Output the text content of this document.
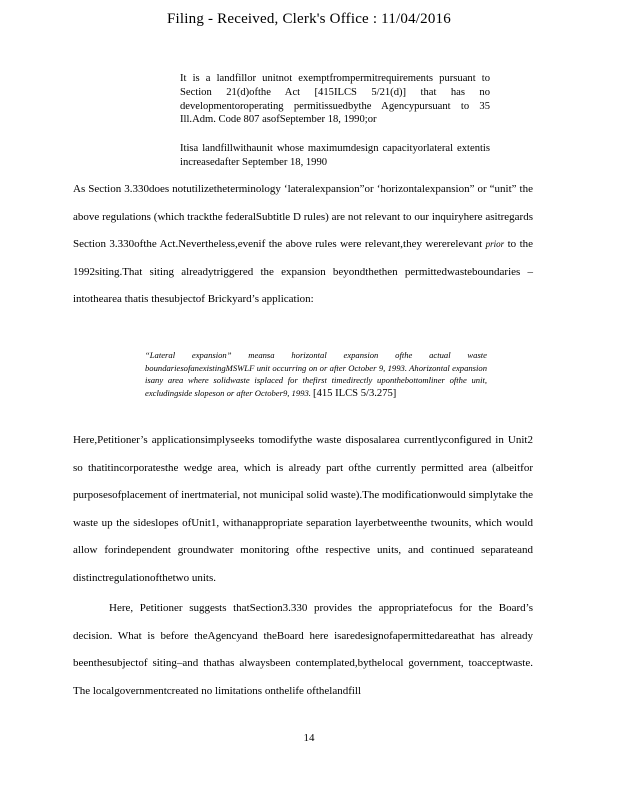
Filing - Received, Clerk's Office : 11/04/2016

It is a landfillor unitnot exemptfrompermitrequirements pursuant to Section 21(d)ofthe Act [415ILCS 5/21(d)] that has no developmentoroperating permitissuedbythe Agencypursuant to 35 Ill.Adm. Code 807 asofSeptember 18, 1990;or

Itisa landfillwithaunit whose maximumdesign capacityorlateral extentis increasedafter September 18, 1990

As Section 3.330does notutilizetheterminology ‘lateralexpansion”or ‘horizontalexpansion” or “unit” the above regulations (which trackthe federalSubtitle D rules) are not relevant to our inquiryhere asitregards Section 3.330ofthe Act.Nevertheless,evenif the above rules were relevant,they wererelevant prior to the 1992siting.That siting alreadytriggered the expansion beyondthethen permittedwasteboundaries –intothearea thatis thesubjectof Brickyard’s application:

“Lateral expansion” meansa horizontal expansion ofthe actual waste boundariesofanexistingMSWLF unit occurring on or after October 9, 1993. Ahorizontal expansion isany area where solidwaste isplaced for thefirst timedirectly uponthebottomliner ofthe unit, excludingside slopeson or after October9, 1993. [415 ILCS 5/3.275]

Here,Petitioner’s applicationsimplyseeks tomodifythe waste disposalarea currentlyconfigured in Unit2 so thatitincorporatesthe wedge area, which is already part ofthe currently permitted area (albeitfor purposesofplacement of inertmaterial, not municipal solid waste).The modificationwould simplytake the waste up the sideslopes ofUnit1, withanappropriate separation layerbetweenthe twounits, which would allow forindependent groundwater monitoring ofthe respective units, and continued separateand distinctregulationofthetwo units.

Here, Petitioner suggests thatSection3.330 provides the appropriatefocus for the Board’s decision. What is before theAgencyand theBoard here isaredesignofapermittedareathat has already beenthesubjectof siting–and thathas alwaysbeen contemplated,bythelocal government, toacceptwaste. The localgovernmentcreated no limitations onthelife ofthelandfill

14
